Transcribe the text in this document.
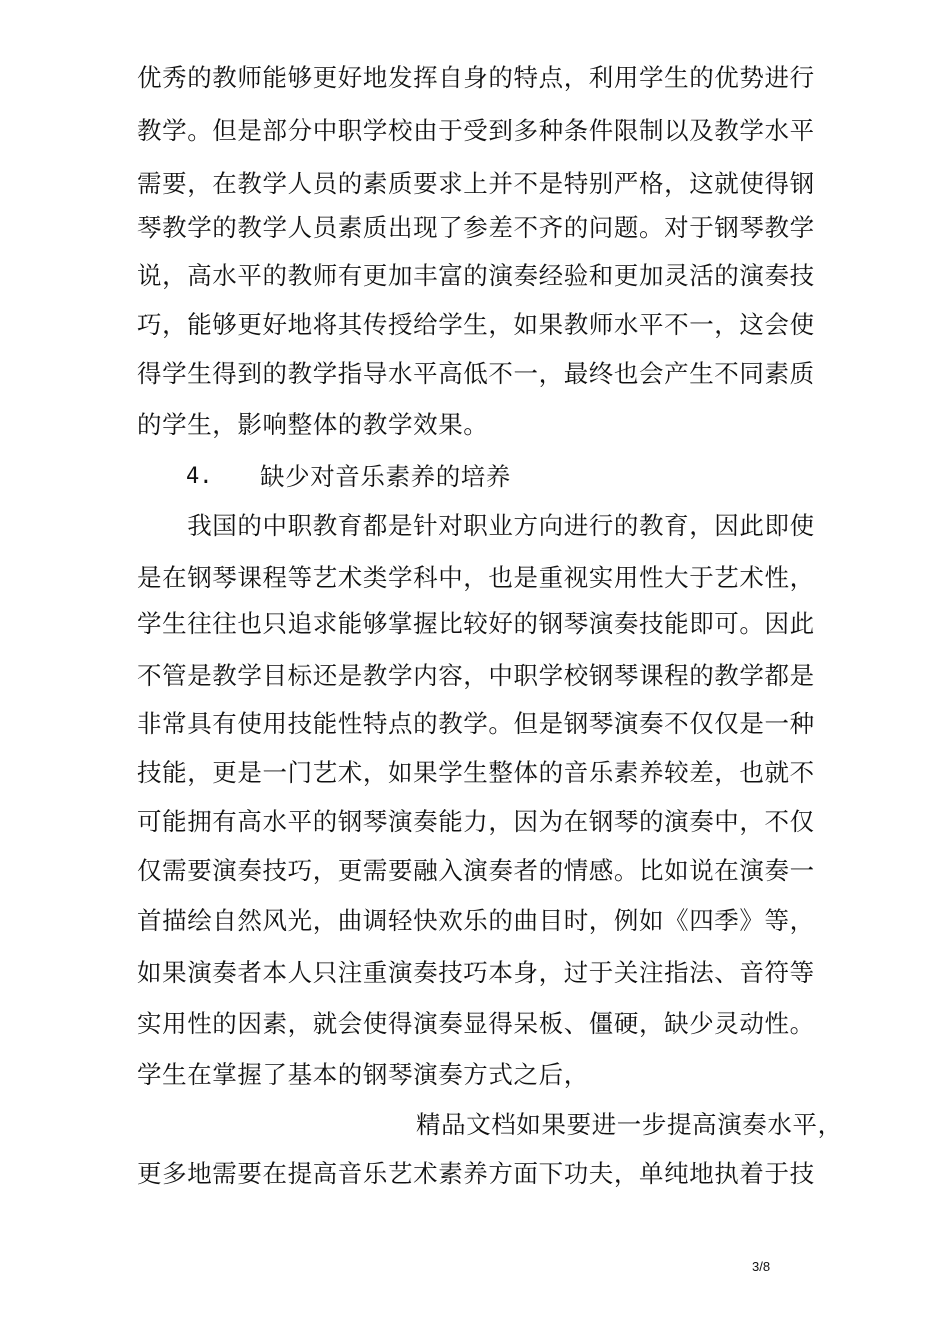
优秀的教师能够更好地发挥自身的特点，利用学生的优势进行
教学。但是部分中职学校由于受到多种条件限制以及教学水平
需要，在教学人员的素质要求上并不是特别严格，这就使得钢
琴教学的教学人员素质出现了参差不齐的问题。对于钢琴教学
说，高水平的教师有更加丰富的演奏经验和更加灵活的演奏技
巧，能够更好地将其传授给学生，如果教师水平不一，这会使
得学生得到的教学指导水平高低不一，最终也会产生不同素质
的学生，影响整体的教学效果。
4. 缺少对音乐素养的培养
　　我国的中职教育都是针对职业方向进行的教育，因此即使
是在钢琴课程等艺术类学科中，也是重视实用性大于艺术性，
学生往往也只追求能够掌握比较好的钢琴演奏技能即可。因此
不管是教学目标还是教学内容，中职学校钢琴课程的教学都是
非常具有使用技能性特点的教学。但是钢琴演奏不仅仅是一种
技能，更是一门艺术，如果学生整体的音乐素养较差，也就不
可能拥有高水平的钢琴演奏能力，因为在钢琴的演奏中，不仅
仅需要演奏技巧，更需要融入演奏者的情感。比如说在演奏一
首描绘自然风光，曲调轻快欢乐的曲目时，例如《四季》等，
如果演奏者本人只注重演奏技巧本身，过于关注指法、音符等
实用性的因素，就会使得演奏显得呆板、僵硬，缺少灵动性。
学生在掌握了基本的钢琴演奏方式之后，
精品文档如果要进一步提高演奏水平，
更多地需要在提高音乐艺术素养方面下功夫，单纯地执着于技
3/8
